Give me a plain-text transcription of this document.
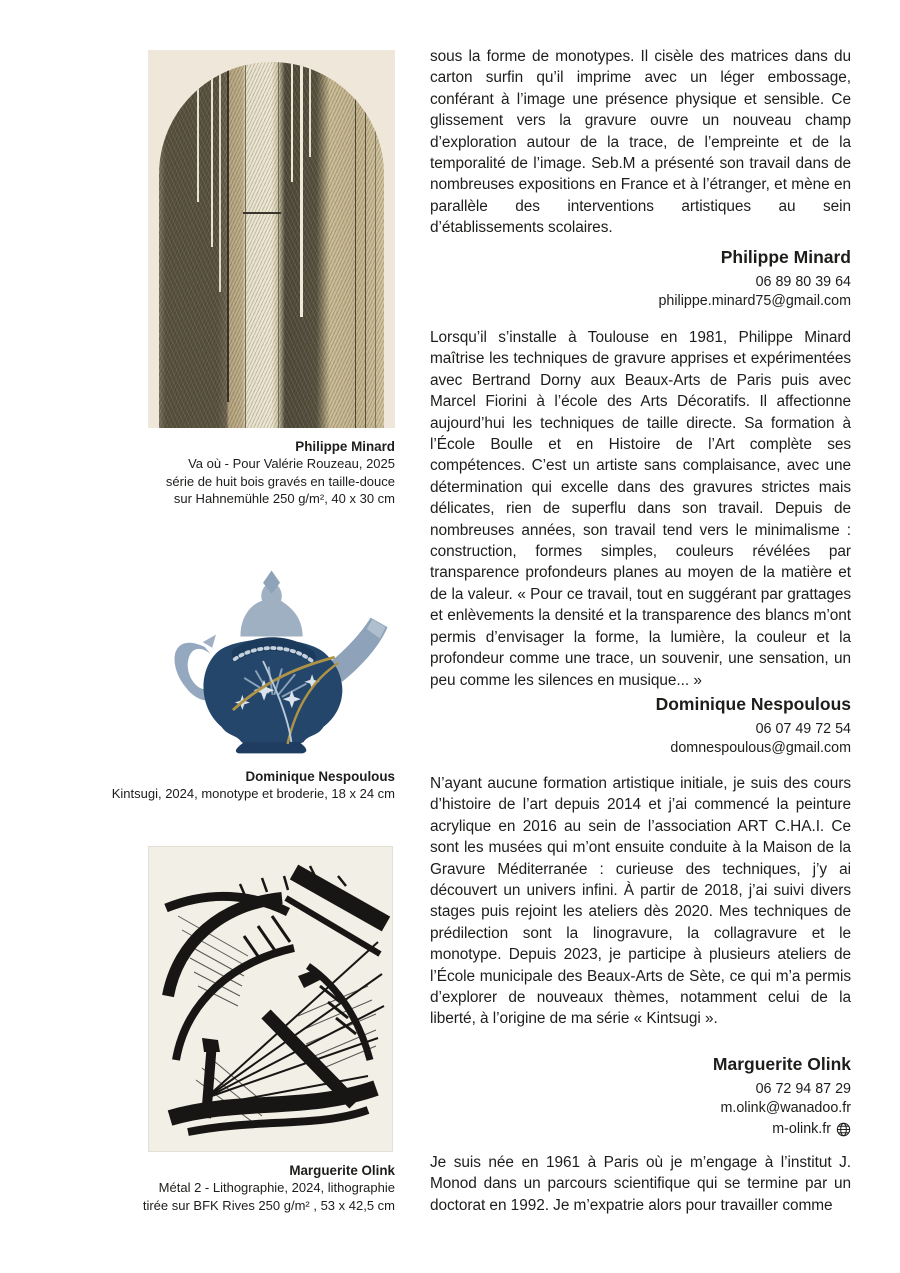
Philippe Minard
Va où - Pour Valérie Rouzeau, 2025
série de huit bois gravés en taille-douce
sur Hahnemühle 250 g/m², 40 x 30 cm
Dominique Nespoulous
Kintsugi, 2024, monotype et broderie, 18 x 24 cm
Marguerite Olink
Métal 2 - Lithographie, 2024, lithographie
tirée sur BFK Rives 250 g/m² , 53 x 42,5 cm

sous la forme de monotypes. Il cisèle des matrices dans du carton surfin qu’il imprime avec un léger embossage, conférant à l’image une présence physique et sensible. Ce glissement vers la gravure ouvre un nouveau champ d’exploration autour de la trace, de l’empreinte et de la temporalité de l’image. Seb.M a présenté son travail dans de nombreuses expositions en France et à l’étranger, et mène en parallèle des interventions artistiques au sein d’établissements scolaires.

Philippe Minard
06 89 80 39 64
philippe.minard75@gmail.com

Lorsqu’il s’installe à Toulouse en 1981, Philippe Minard maîtrise les techniques de gravure apprises et expérimentées avec Bertrand Dorny aux Beaux-Arts de Paris puis avec Marcel Fiorini à l’école des Arts Décoratifs. Il affectionne aujourd’hui les techniques de taille directe. Sa formation à l’École Boulle et en Histoire de l’Art complète ses compétences. C’est un artiste sans complaisance, avec une détermination qui excelle dans des gravures strictes mais délicates, rien de superflu dans son travail. Depuis de nombreuses années, son travail tend vers le minimalisme : construction, formes simples, couleurs révélées par transparence profondeurs planes au moyen de la matière et de la valeur. « Pour ce travail, tout en suggérant par grattages et enlèvements la densité et la transparence des blancs m’ont permis d’envisager la forme, la lumière, la couleur et la profondeur comme une trace, un souvenir, une sensation, un peu comme les silences en musique... »

Dominique Nespoulous
06 07 49 72 54
domnespoulous@gmail.com

N’ayant aucune formation artistique initiale, je suis des cours d’histoire de l’art depuis 2014 et j’ai commencé la peinture acrylique en 2016 au sein de l’association ART C.HA.I. Ce sont les musées qui m’ont ensuite conduite à la Maison de la Gravure Méditerranée : curieuse des techniques, j’y ai découvert un univers infini. À partir de 2018, j’ai suivi divers stages puis rejoint les ateliers dès 2020. Mes techniques de prédilection sont la linogravure, la collagravure et le monotype. Depuis 2023, je participe à plusieurs ateliers de l’École municipale des Beaux-Arts de Sète, ce qui m’a permis d’explorer de nouveaux thèmes, notamment celui de la liberté, à l’origine de ma série « Kintsugi ».

Marguerite Olink
06 72 94 87 29
m.olink@wanadoo.fr
m-olink.fr

Je suis née en 1961 à Paris où je m’engage à l’institut J. Monod dans un parcours scientifique qui se termine par un doctorat en 1992. Je m’expatrie alors pour travailler comme
